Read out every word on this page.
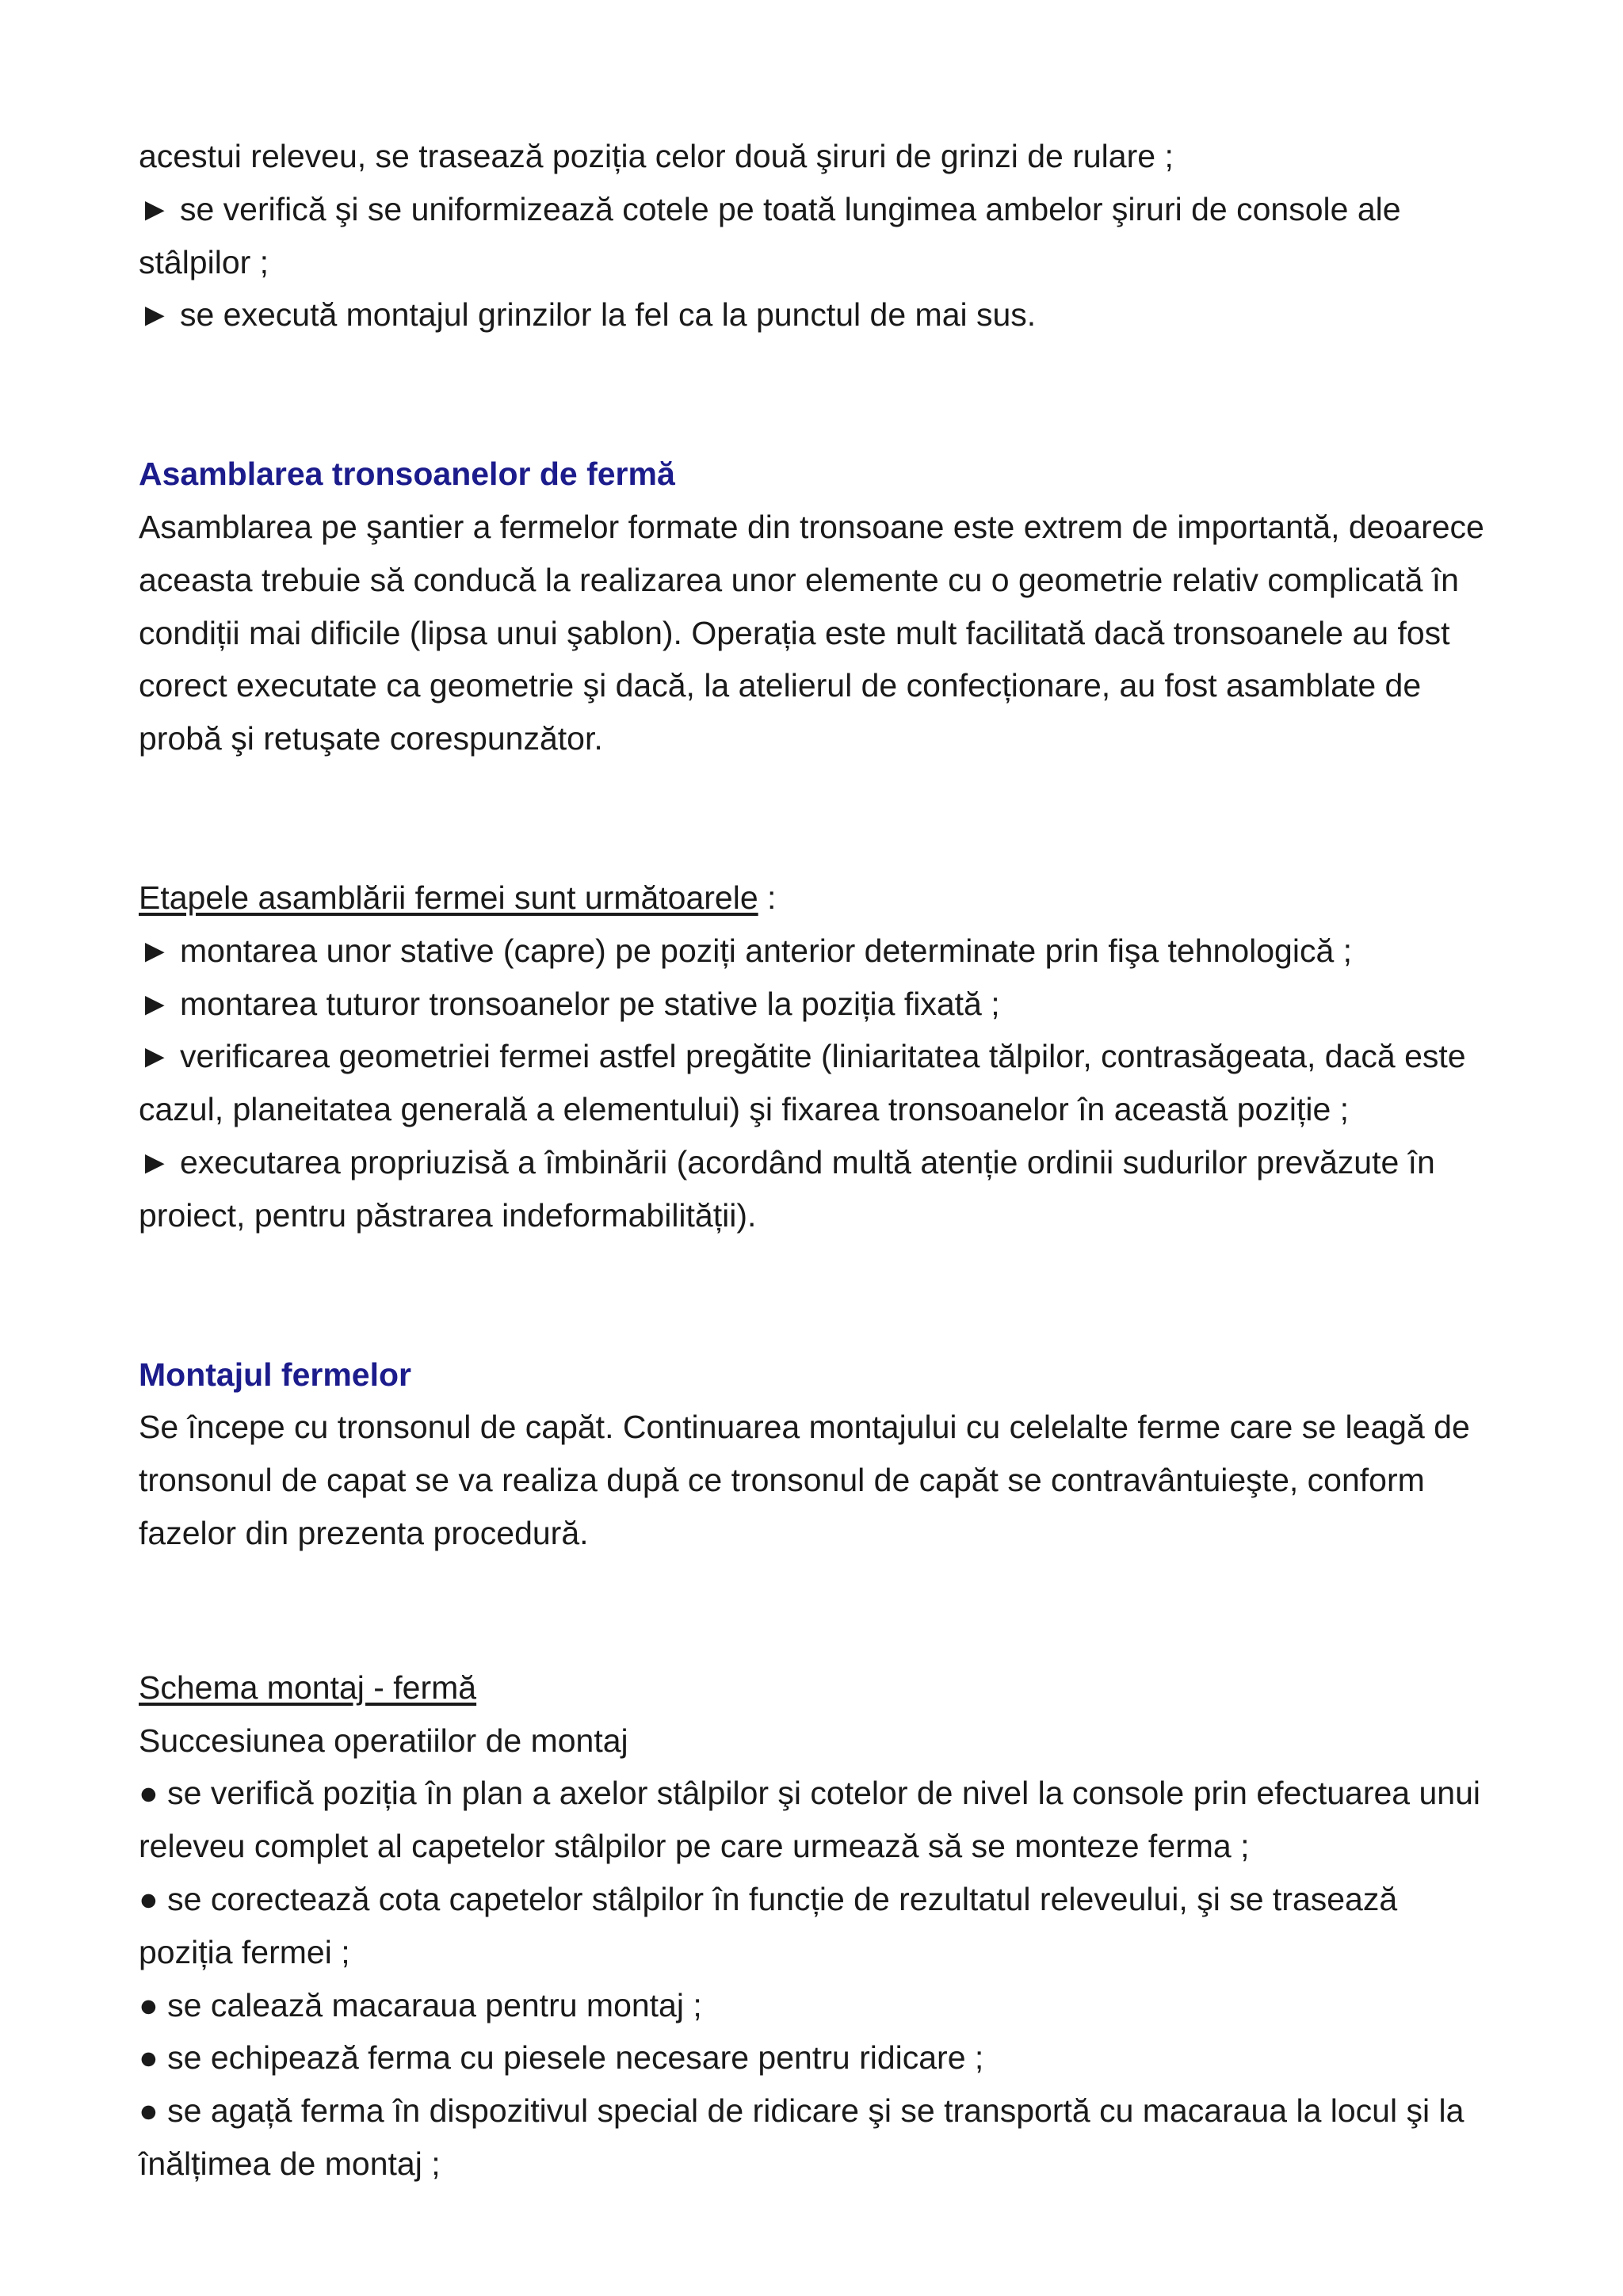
acestui releveu, se trasează poziția celor două şiruri de grinzi de rulare ;

► se verifică şi se uniformizează cotele pe toată lungimea ambelor şiruri de console ale stâlpilor ;

► se execută montajul grinzilor la fel ca la punctul de mai sus.

Asamblarea tronsoanelor de fermă

Asamblarea pe şantier a fermelor formate din tronsoane este extrem de importantă, deoarece aceasta trebuie să conducă la realizarea unor elemente cu o geometrie relativ complicată în condiții mai dificile (lipsa unui şablon). Operația este mult facilitată dacă tronsoanele au fost corect executate ca geometrie şi dacă, la atelierul de confecționare, au fost asamblate de probă şi retuşate corespunzător.

Etapele asamblării fermei sunt următoarele :

► montarea unor stative (capre) pe poziți anterior determinate prin fişa tehnologică ;

► montarea tuturor tronsoanelor pe stative la poziția fixată ;

► verificarea geometriei fermei astfel pregătite (liniaritatea tălpilor, contrasăgeata, dacă este cazul, planeitatea generală a elementului) şi fixarea tronsoanelor în această poziție ;

► executarea propriuzisă a îmbinării (acordând multă atenție ordinii sudurilor prevăzute în proiect, pentru păstrarea indeformabilității).

Montajul fermelor

Se începe cu tronsonul de capăt. Continuarea montajului cu celelalte ferme care se leagă de tronsonul de capat se va realiza după ce tronsonul de capăt se contravântuieşte, conform fazelor din prezenta procedură.

Schema montaj - fermă

Succesiunea operatiilor de montaj

● se verifică poziția în plan a axelor stâlpilor şi cotelor de nivel la console prin efectuarea unui releveu complet al capetelor stâlpilor pe care urmează să se monteze ferma ;

● se corectează cota capetelor stâlpilor în funcție de rezultatul releveului, şi se trasează poziția fermei ;

● se calează macaraua pentru montaj ;

● se echipează ferma cu piesele necesare pentru ridicare ;

● se agață ferma în dispozitivul special de ridicare şi se transportă cu macaraua la locul şi la înălțimea de montaj ;
